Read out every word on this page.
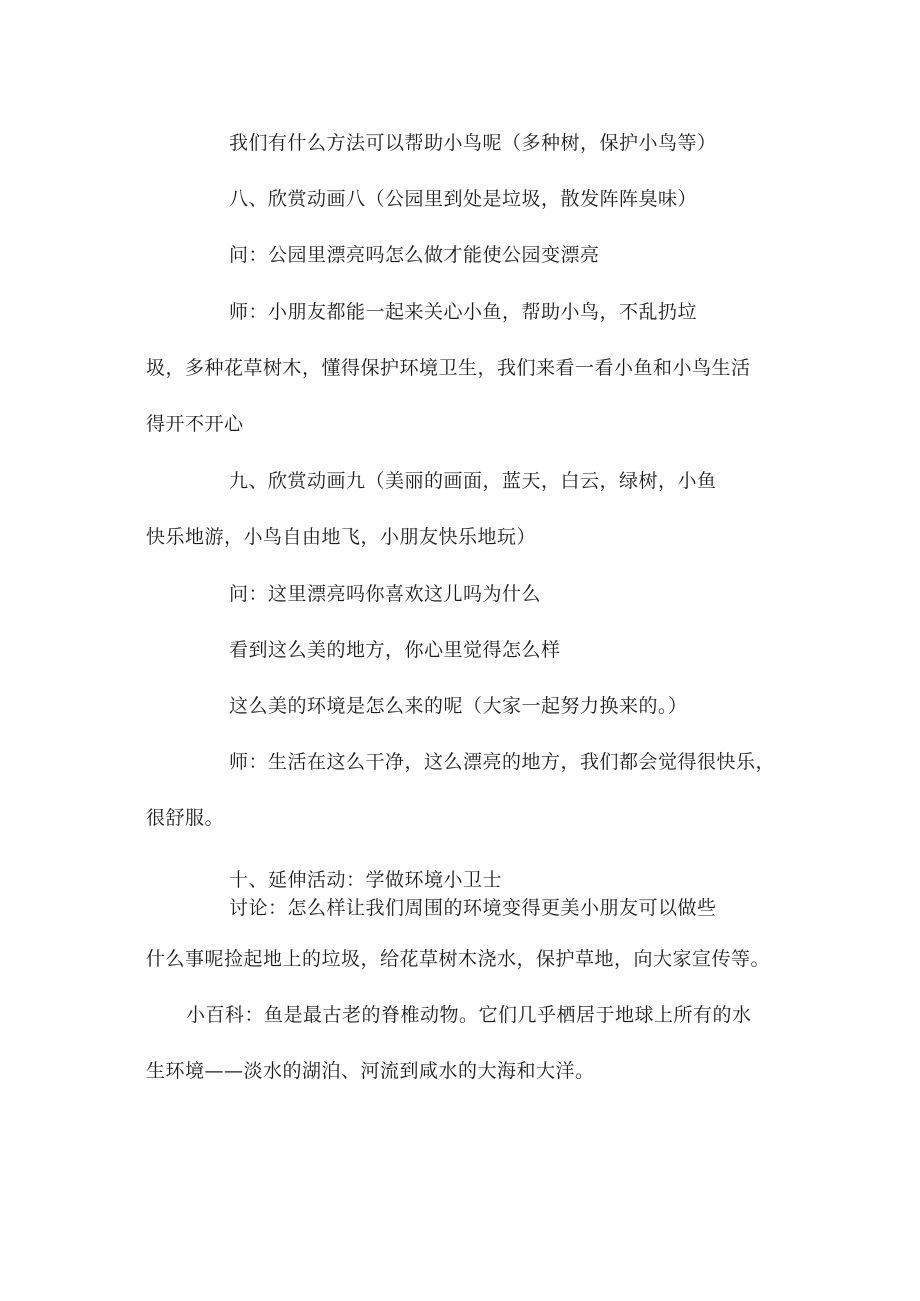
我们有什么方法可以帮助小鸟呢（多种树，保护小鸟等）
八、欣赏动画八（公园里到处是垃圾，散发阵阵臭味）
问：公园里漂亮吗怎么做才能使公园变漂亮
师：小朋友都能一起来关心小鱼，帮助小鸟，不乱扔垃
圾，多种花草树木，懂得保护环境卫生，我们来看一看小鱼和小鸟生活
得开不开心
九、欣赏动画九（美丽的画面，蓝天，白云，绿树，小鱼
快乐地游，小鸟自由地飞，小朋友快乐地玩）
问：这里漂亮吗你喜欢这儿吗为什么
看到这么美的地方，你心里觉得怎么样
这么美的环境是怎么来的呢（大家一起努力换来的。）
师：生活在这么干净，这么漂亮的地方，我们都会觉得很快乐，
很舒服。
十、延伸活动：学做环境小卫士
讨论：怎么样让我们周围的环境变得更美小朋友可以做些
什么事呢捡起地上的垃圾，给花草树木浇水，保护草地，向大家宣传等。
小百科：鱼是最古老的脊椎动物。它们几乎栖居于地球上所有的水
生环境——淡水的湖泊、河流到咸水的大海和大洋。
